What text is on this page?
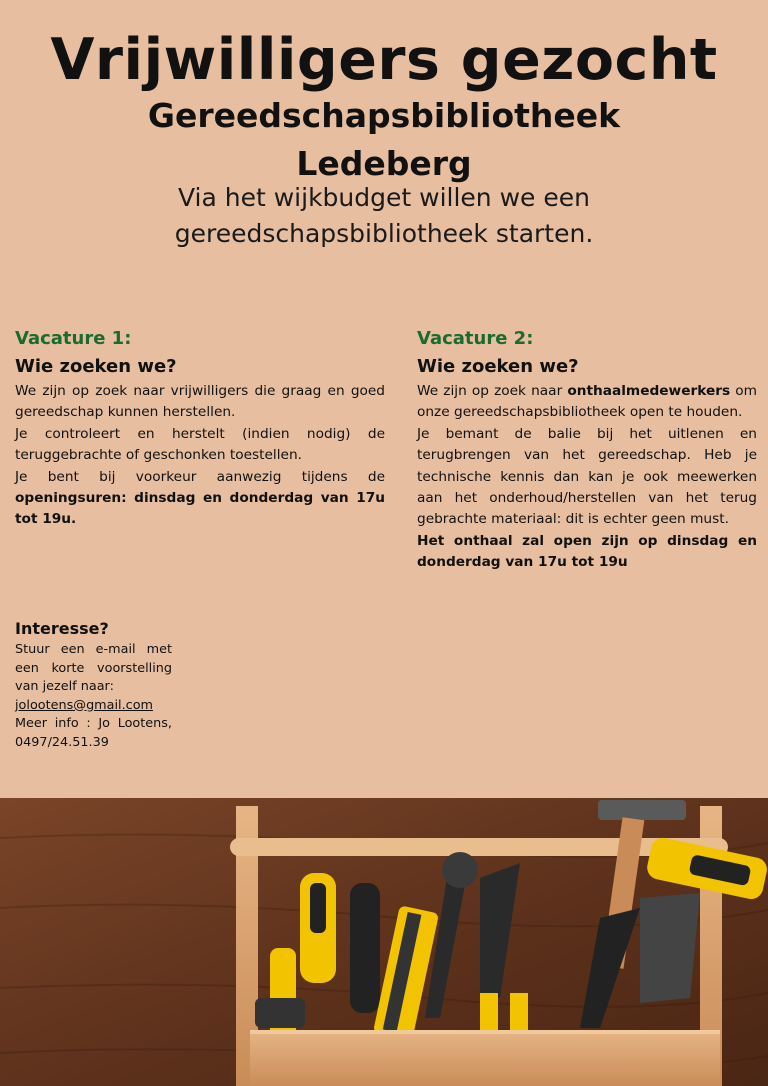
Vrijwilligers gezocht
Gereedschapsbibliotheek Ledeberg

Via het wijkbudget willen we een gereedschapsbibliotheek starten.

Vacature 1:
Wie zoeken we?

We zijn op zoek naar vrijwilligers die graag en goed gereedschap kunnen herstellen.

Je controleert en herstelt (indien nodig) de teruggebrachte of geschonken toestellen.

Je bent bij voorkeur aanwezig tijdens de openingsuren: dinsdag en donderdag van 17u tot 19u.

Vacature 2:
Wie zoeken we?

We zijn op zoek naar onthaalmedewerkers om onze gereedschapsbibliotheek open te houden.

Je bemant de balie bij het uitlenen en terugbrengen van het gereedschap. Heb je technische kennis dan kan je ook meewerken aan het onderhoud/herstellen van het terug gebrachte materiaal: dit is echter geen must.

Het onthaal zal open zijn op dinsdag en donderdag van 17u tot 19u

Interesse?

Stuur een e-mail met een korte voorstelling van jezelf naar:

jolootens@gmail.com

Meer info : Jo Lootens, 0497/24.51.39
